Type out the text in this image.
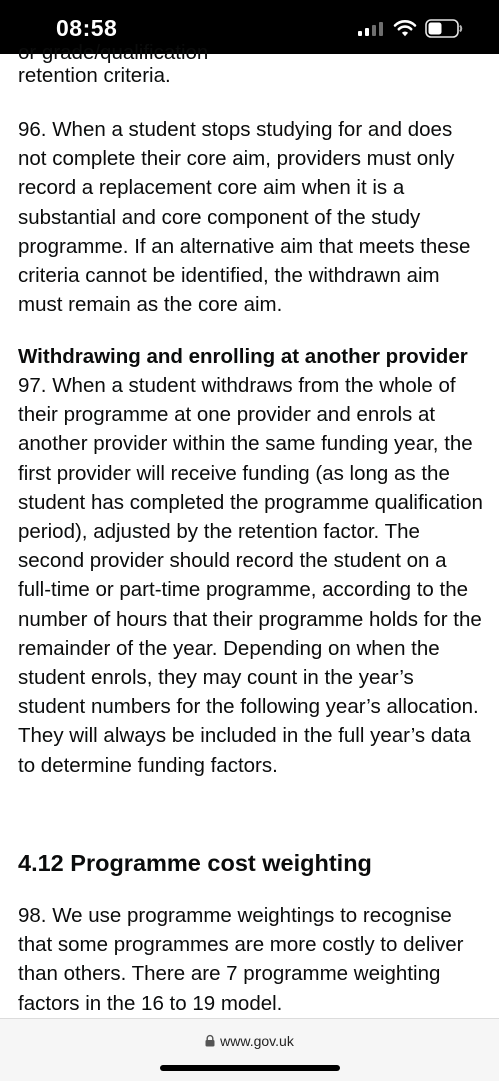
08:58
or grade/qualification

retention criteria.

96. When a student stops studying for and does not complete their core aim, providers must only record a replacement core aim when it is a substantial and core component of the study programme. If an alternative aim that meets these criteria cannot be identified, the withdrawn aim must remain as the core aim.

Withdrawing and enrolling at another provider

97. When a student withdraws from the whole of their programme at one provider and enrols at another provider within the same funding year, the first provider will receive funding (as long as the student has completed the programme qualification period), adjusted by the retention factor. The second provider should record the student on a full-time or part-time programme, according to the number of hours that their programme holds for the remainder of the year. Depending on when the student enrols, they may count in the year’s student numbers for the following year’s allocation. They will always be included in the full year’s data to determine funding factors.

4.12 Programme cost weighting

98. We use programme weightings to recognise that some programmes are more costly to deliver than others. There are 7 programme weighting factors in the 16 to 19 model.

www.gov.uk
